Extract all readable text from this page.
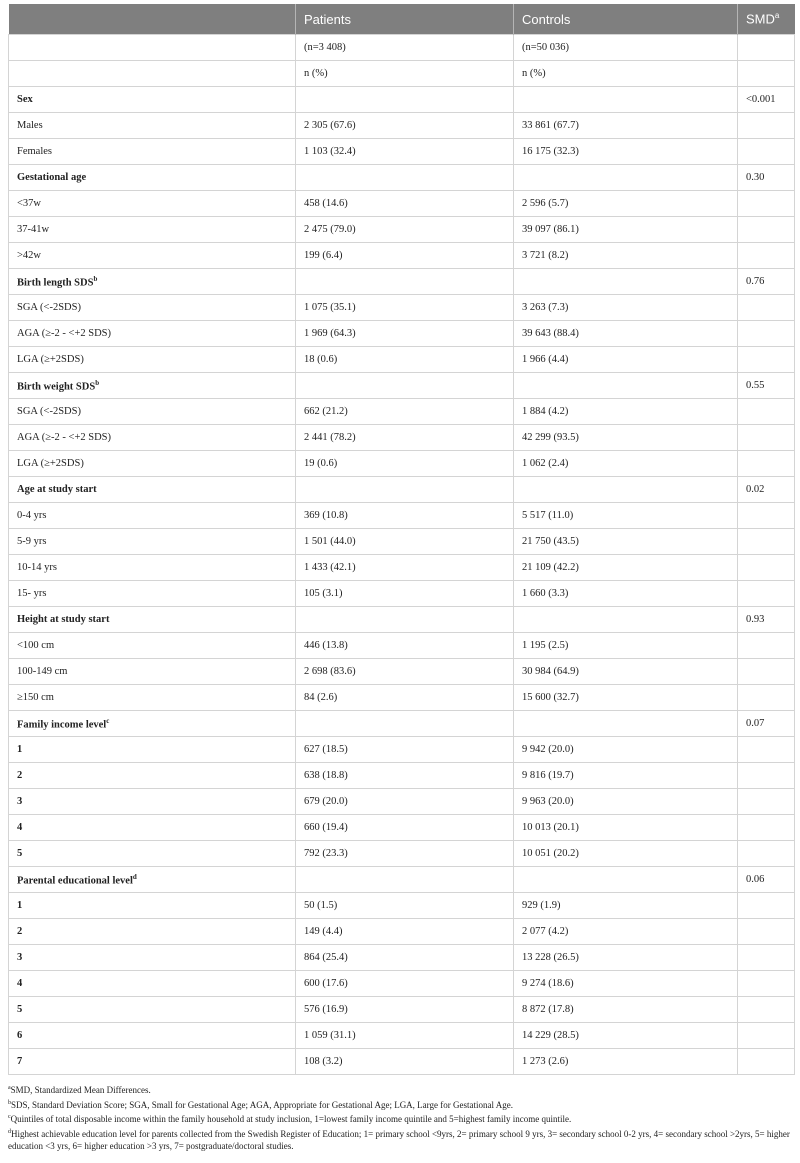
	Patients	Controls	SMD$^a$
	(n=3 408)	(n=50 036)	
	n (%)	n (%)	
Sex			<0.001
Males	2 305 (67.6)	33 861 (67.7)	
Females	1 103 (32.4)	16 175 (32.3)	
Gestational age			0.30
<37w	458 (14.6)	2 596 (5.7)	
37-41w	2 475 (79.0)	39 097 (86.1)	
>42w	199 (6.4)	3 721 (8.2)	
Birth length SDS$^b$			0.76
SGA (<-2SDS)	1 075 (35.1)	3 263 (7.3)	
AGA (≥-2 - <+2 SDS)	1 969 (64.3)	39 643 (88.4)	
LGA (≥+2SDS)	18 (0.6)	1 966 (4.4)	
Birth weight SDS$^b$			0.55
SGA (<-2SDS)	662 (21.2)	1 884 (4.2)	
AGA (≥-2 - <+2 SDS)	2 441 (78.2)	42 299 (93.5)	
LGA (≥+2SDS)	19 (0.6)	1 062 (2.4)	
Age at study start			0.02
0-4 yrs	369 (10.8)	5 517 (11.0)	
5-9 yrs	1 501 (44.0)	21 750 (43.5)	
10-14 yrs	1 433 (42.1)	21 109 (42.2)	
15- yrs	105 (3.1)	1 660 (3.3)	
Height at study start			0.93
<100 cm	446 (13.8)	1 195 (2.5)	
100-149 cm	2 698 (83.6)	30 984 (64.9)	
≥150 cm	84 (2.6)	15 600 (32.7)	
Family income level$^c$			0.07
1	627 (18.5)	9 942 (20.0)	
2	638 (18.8)	9 816 (19.7)	
3	679 (20.0)	9 963 (20.0)	
4	660 (19.4)	10 013 (20.1)	
5	792 (23.3)	10 051 (20.2)	
Parental educational level$^d$			0.06
1	50 (1.5)	929 (1.9)	
2	149 (4.4)	2 077 (4.2)	
3	864 (25.4)	13 228 (26.5)	
4	600 (17.6)	9 274 (18.6)	
5	576 (16.9)	8 872 (17.8)	
6	1 059 (31.1)	14 229 (28.5)	
7	108 (3.2)	1 273 (2.6)	

$^a$SMD, Standardized Mean Differences.

$^b$SDS, Standard Deviation Score; SGA, Small for Gestational Age; AGA, Appropriate for Gestational Age; LGA, Large for Gestational Age.

$^c$Quintiles of total disposable income within the family household at study inclusion, 1=lowest family income quintile and 5=highest family income quintile.

$^d$Highest achievable education level for parents collected from the Swedish Register of Education; 1= primary school <9yrs, 2= primary school 9 yrs, 3= secondary school 0-2 yrs, 4= secondary school >2yrs, 5= higher education <3 yrs, 6= higher education >3 yrs, 7= postgraduate/doctoral studies.
